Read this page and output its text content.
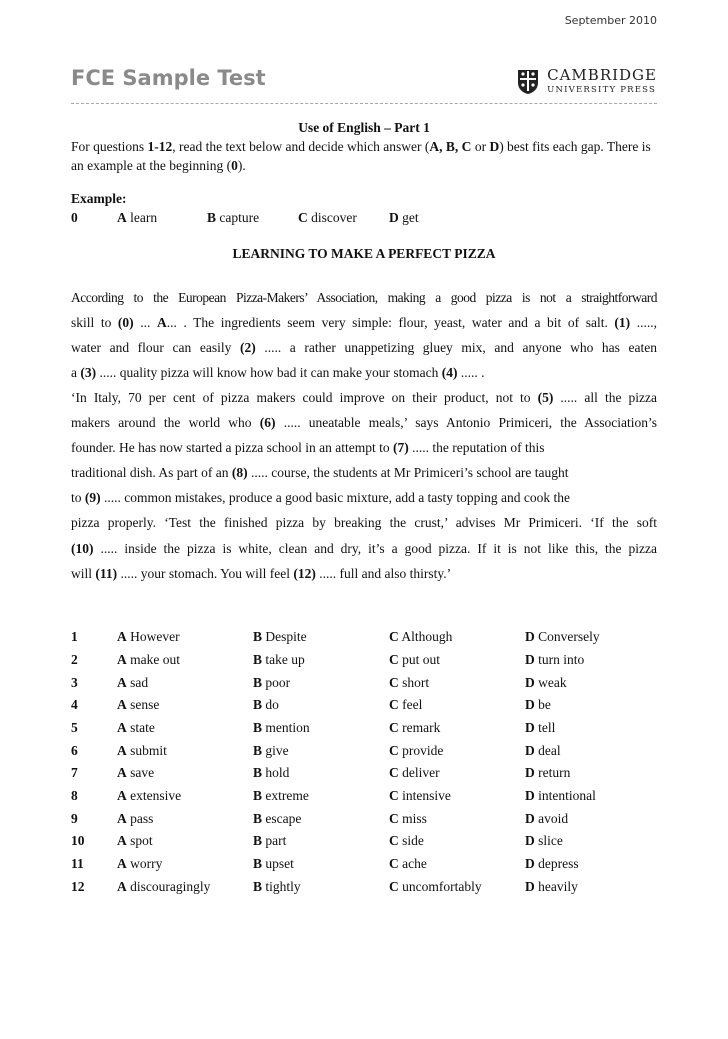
September 2010
FCE Sample Test	CAMBRIDGE
UNIVERSITY PRESS
Use of English – Part 1

For questions 1-12, read the text below and decide which answer (A, B, C or D) best fits each gap. There is an example at the beginning (0).

Example:
0	A learn	B capture	C discover D get
LEARNING TO MAKE A PERFECT PIZZA
According to the European Pizza-Makers’ Association, making a good pizza is not a straightforward
skill to (0) ... A... . The ingredients seem very simple: flour, yeast, water and a bit of salt. (1) .....,
water and flour can easily (2) ..... a rather unappetizing gluey mix, and anyone who has eaten
a (3) ..... quality pizza will know how bad it can make your stomach (4) ..... .
‘In Italy, 70 per cent of pizza makers could improve on their product, not to (5) ..... all the pizza
makers around the world who (6) ..... uneatable meals,’ says Antonio Primiceri, the Association’s
founder. He has now started a pizza school in an attempt to (7) ..... the reputation of this
traditional dish. As part of an (8) ..... course, the students at Mr Primiceri’s school are taught
to (9) ..... common mistakes, produce a good basic mixture, add a tasty topping and cook the
pizza properly. ‘Test the finished pizza by breaking the crust,’ advises Mr Primiceri. ‘If the soft
(10) ..... inside the pizza is white, clean and dry, it’s a good pizza. If it is not like this, the pizza
will (11) ..... your stomach. You will feel (12) ..... full and also thirsty.’
1	A However	B Despite	C Although	D Conversely
2	A make out	B take up	C put out	D turn into
3	A sad	B poor	C short	D weak
4	A sense	B do	C feel	D be
5	A state	B mention	C remark	D tell
6	A submit	B give	C provide	D deal
7	A save	B hold	C deliver	D return
8	A extensive	B extreme	C intensive	D intentional
9	A pass	B escape	C miss	D avoid
10 A spot	B part	C side	D slice
11 A worry	B upset	C ache	D depress
12 A discouragingly	B tightly	C uncomfortably	D heavily
